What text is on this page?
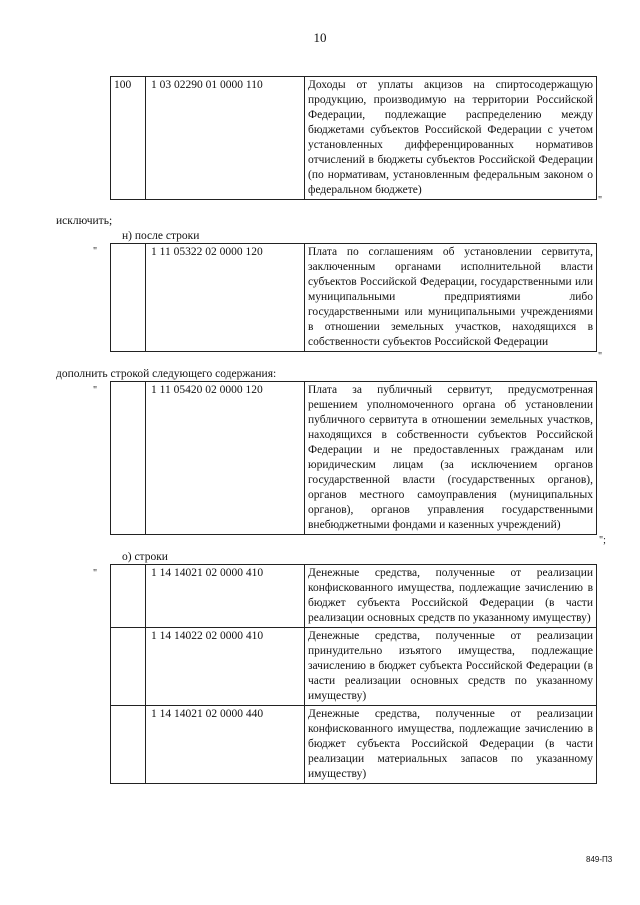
10
100	1 03 02290 01 0000 110	Доходы от уплаты акцизов на спиртосодержащую продукцию, производимую на территории Российской Федерации, подлежащие распределению между бюджетами субъектов Российской Федерации с учетом установленных дифференцированных нормативов отчислений в бюджеты субъектов Российской Федерации (по нормативам, установленным федеральным законом о федеральном бюджете)
"
исключить;
н) после строки
"
		1 11 05322 02 0000 120	Плата по соглашениям об установлении сервитута, заключенным органами исполнительной власти субъектов Российской Федерации, государственными или муниципальными предприятиями либо государственными или муниципальными учреждениями в отношении земельных участков, находящихся в собственности субъектов Российской Федерации
"
дополнить строкой следующего содержания:
"
		1 11 05420 02 0000 120	Плата за публичный сервитут, предусмотренная решением уполномоченного органа об установлении публичного сервитута в отношении земельных участков, находящихся в собственности субъектов Российской Федерации и не предоставленных гражданам или юридическим лицам (за исключением органов государственной власти (государственных органов), органов местного самоуправления (муниципальных органов), органов управления государственными внебюджетными фондами и казенных учреждений)
";
о) строки
"
		1 14 14021 02 0000 410	Денежные средства, полученные от реализации конфискованного имущества, подлежащие зачислению в бюджет субъекта Российской Федерации (в части реализации основных средств по указанному имуществу)
	1 14 14022 02 0000 410	Денежные средства, полученные от реализации принудительно изъятого имущества, подлежащие зачислению в бюджет субъекта Российской Федерации (в части реализации основных средств по указанному имуществу)
	1 14 14021 02 0000 440	Денежные средства, полученные от реализации конфискованного имущества, подлежащие зачислению в бюджет субъекта Российской Федерации (в части реализации материальных запасов по указанному имуществу)
849-П3
